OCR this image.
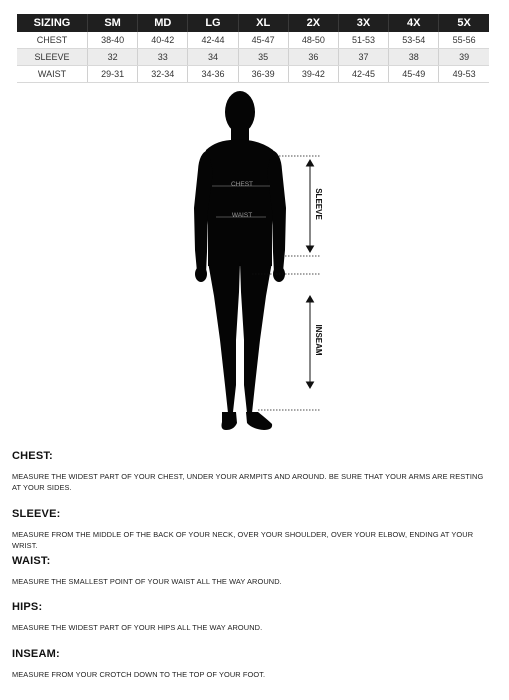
SIZING	SM	MD	LG	XL	2X	3X	4X	5X
CHEST	38-40	40-42	42-44	45-47	48-50	51-53	53-54	55-56
SLEEVE	32	33	34	35	36	37	38	39
WAIST	29-31	32-34	34-36	36-39	39-42	42-45	45-49	49-53
CHEST
WAIST	SLEEVE
INSEAM

CHEST:

MEASURE THE WIDEST PART OF YOUR CHEST, UNDER YOUR ARMPITS AND AROUND. BE SURE THAT YOUR ARMS ARE RESTING AT YOUR SIDES.

SLEEVE:

MEASURE FROM THE MIDDLE OF THE BACK OF YOUR NECK, OVER YOUR SHOULDER, OVER YOUR ELBOW, ENDING AT YOUR WRIST.

WAIST:

MEASURE THE SMALLEST POINT OF YOUR WAIST ALL THE WAY AROUND.

HIPS:

MEASURE THE WIDEST PART OF YOUR HIPS ALL THE WAY AROUND.

INSEAM:

MEASURE FROM YOUR CROTCH DOWN TO THE TOP OF YOUR FOOT.
